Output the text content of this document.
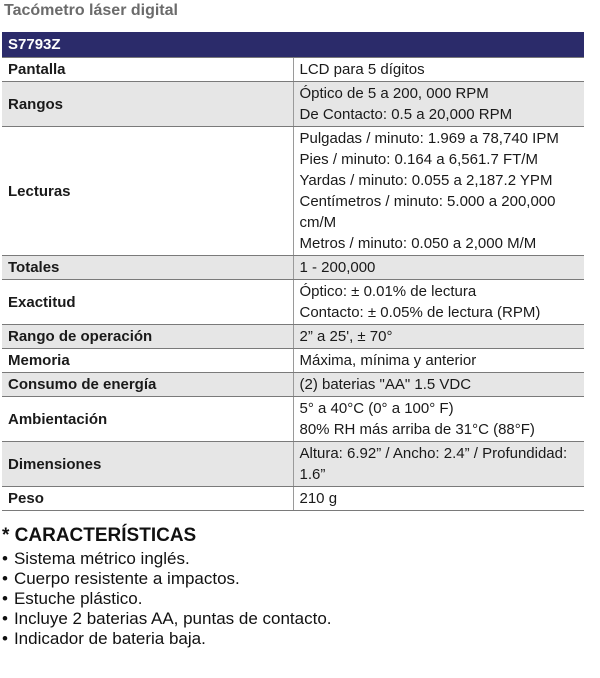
Tacómetro láser digital
S7793Z	
Pantalla	LCD para 5 dígitos

Rangos	Óptico de 5 a 200, 000 RPM
De Contacto: 0.5 a 20,000 RPM

Lecturas	Pulgadas / minuto: 1.969 a 78,740 IPM
Pies / minuto: 0.164 a 6,561.7 FT/M
Yardas / minuto: 0.055 a 2,187.2 YPM
Centímetros / minuto: 5.000 a 200,000 cm/M
Metros / minuto: 0.050 a 2,000 M/M

Totales	1 - 200,000

Exactitud	Óptico: ± 0.01% de lectura
Contacto: ± 0.05% de lectura (RPM)

Rango de operación	2” a 25', ± 70°

Memoria	Máxima, mínima y anterior

Consumo de energía	(2) baterias "AA" 1.5 VDC

Ambientación	5° a 40°C (0° a 100° F)
80% RH más arriba de 31°C (88°F)

Dimensiones	Altura: 6.92” / Ancho: 2.4” / Profundidad: 1.6”

Peso	210 g
* CARACTERÍSTICAS
• Sistema métrico inglés.
• Cuerpo resistente a impactos.
• Estuche plástico.
• Incluye 2 baterias AA, puntas de contacto.
• Indicador de bateria baja.
